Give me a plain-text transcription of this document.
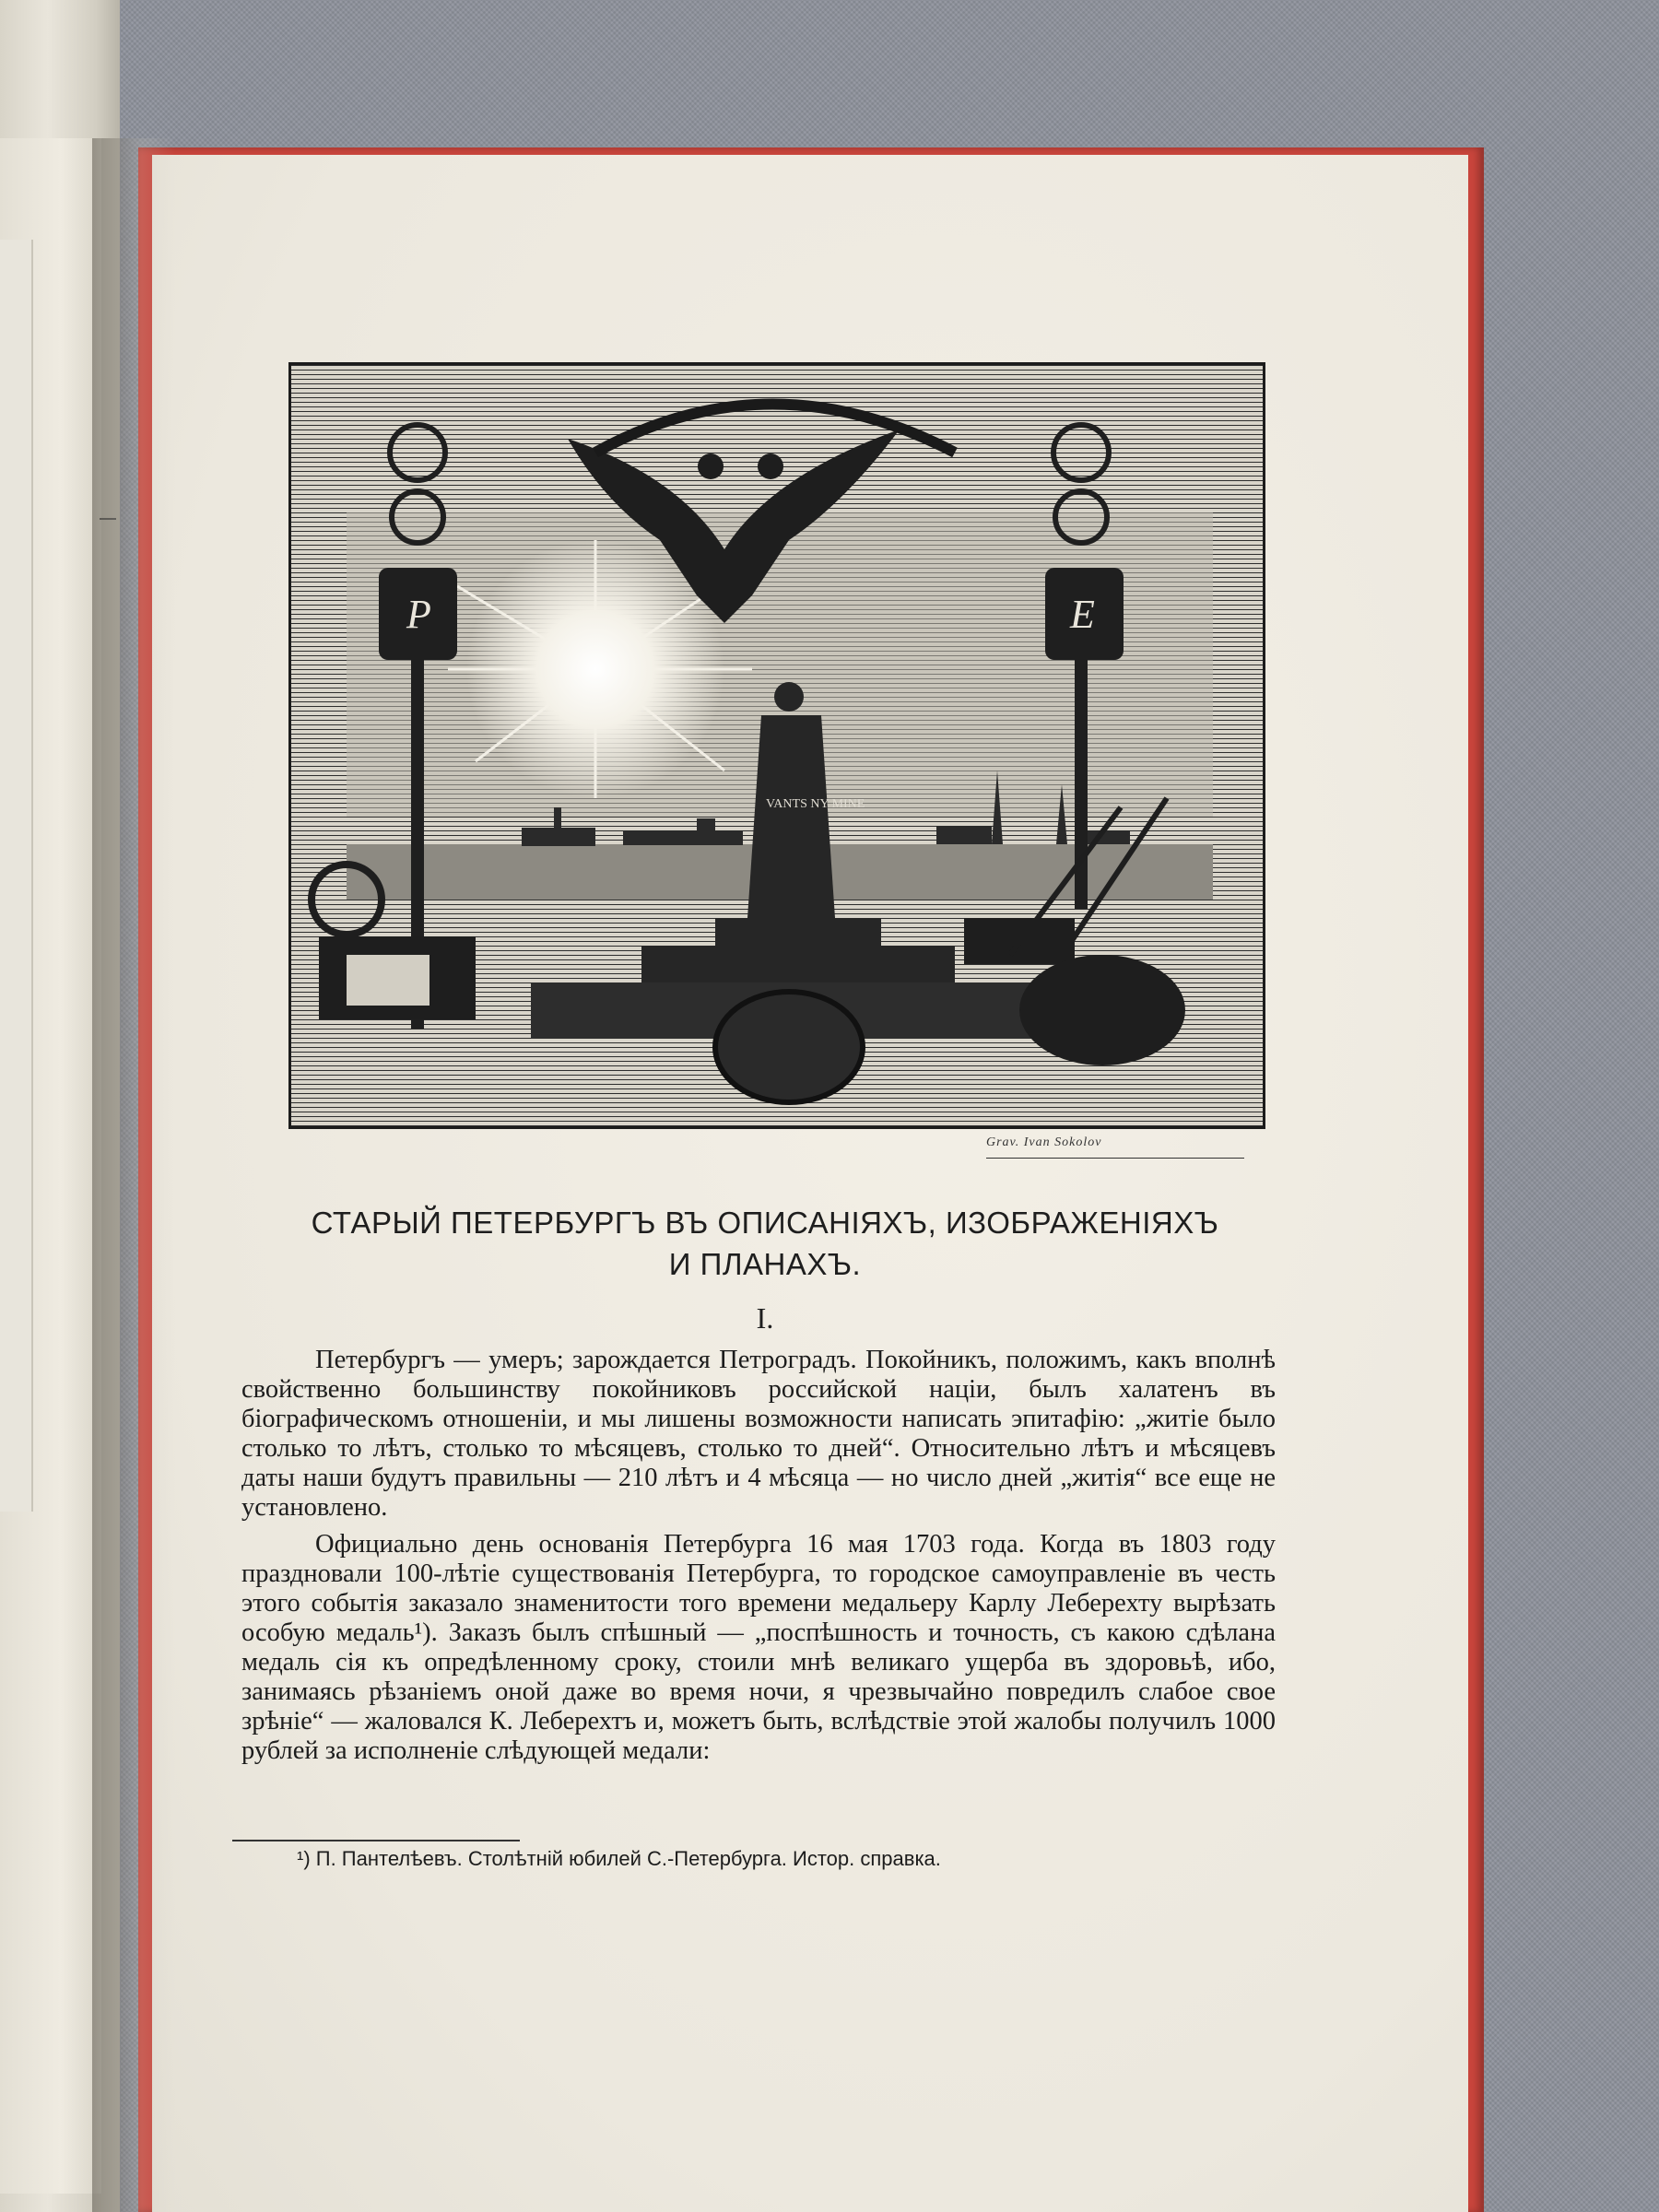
P	E
VANTS NY MINE
Grav. Ivan Sokolov
СТАРЫЙ ПЕТЕРБУРГЪ ВЪ ОПИСАНІЯХЪ, ИЗОБРАЖЕНІЯХЪ
И ПЛАНАХЪ.
I.

Петербургъ — умеръ; зарождается Петроградъ. Покойникъ, положимъ, какъ вполнѣ свойственно большинству покойниковъ российской націи, былъ халатенъ въ біографическомъ отношеніи, и мы лишены возможности написать эпитафію: „житіе было столько то лѣтъ, столько то мѣсяцевъ, столько то дней“. Относительно лѣтъ и мѣсяцевъ даты наши будутъ правильны — 210 лѣтъ и 4 мѣсяца — но число дней „житія“ все еще не установлено.

Официально день основанія Петербурга 16 мая 1703 года. Когда въ 1803 году праздновали 100-лѣтіе существованія Петербурга, то городское самоуправленіе въ честь этого событія заказало знаменитости того времени медальеру Карлу Леберехту вырѣзать особую медаль¹). Заказъ былъ спѣшный — „поспѣшность и точность, съ какою сдѣлана медаль сія къ опредѣленному сроку, стоили мнѣ великаго ущерба въ здоровьѣ, ибо, занимаясь рѣзаніемъ оной даже во время ночи, я чрезвычайно повредилъ слабое свое зрѣніе“ — жаловался К. Леберехтъ и, можетъ быть, вслѣдствіе этой жалобы получилъ 1000 рублей за исполненіе слѣдующей медали:

¹) П. Пантелѣевъ. Столѣтній юбилей С.-Петербурга. Истор. справка.
